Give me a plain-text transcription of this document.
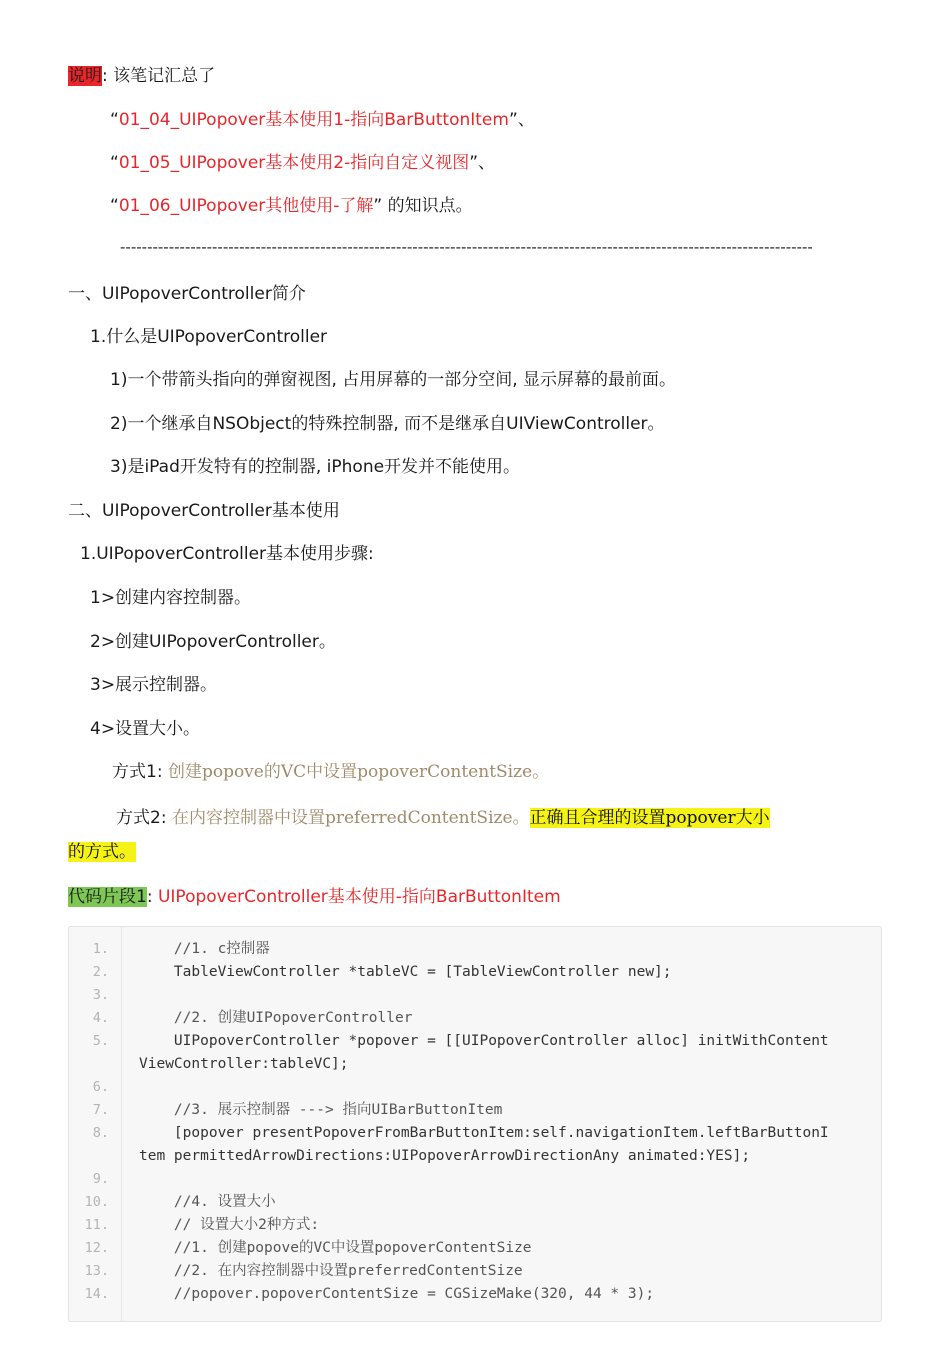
说明: 该笔记汇总了
“01_04_UIPopover基本使用1-指向BarButtonItem”、
“01_05_UIPopover基本使用2-指向自定义视图”、
“01_06_UIPopover其他使用-了解” 的知识点。
--------------------------------------------------------------------------------------------------------------------------------
一、UIPopoverController简介
1.什么是UIPopoverController
1)一个带箭头指向的弹窗视图, 占用屏幕的一部分空间, 显示屏幕的最前面。
2)一个继承自NSObject的特殊控制器, 而不是继承自UIViewController。
3)是iPad开发特有的控制器, iPhone开发并不能使用。
二、UIPopoverController基本使用
1.UIPopoverController基本使用步骤:
1>创建内容控制器。
2>创建UIPopoverController。
3>展示控制器。
4>设置大小。
方式1: 创建popove的VC中设置popoverContentSize。
方式2: 在内容控制器中设置preferredContentSize。正确且合理的设置popover大小
的方式。
代码片段1: UIPopoverController基本使用-指向BarButtonItem
1. //1. c控制器
2. TableViewController *tableVC = [TableViewController new];
3.
4. //2. 创建UIPopoverController
5. UIPopoverController *popover = [[UIPopoverController alloc] initWithContent
ViewController:tableVC];
6.
7. //3. 展示控制器 ---> 指向UIBarButtonItem
8. [popover presentPopoverFromBarButtonItem:self.navigationItem.leftBarButtonI
tem permittedArrowDirections:UIPopoverArrowDirectionAny animated:YES];
9.
10. //4. 设置大小
11. // 设置大小2种方式:
12. //1. 创建popove的VC中设置popoverContentSize
13. //2. 在内容控制器中设置preferredContentSize
14. //popover.popoverContentSize = CGSizeMake(320, 44 * 3);
